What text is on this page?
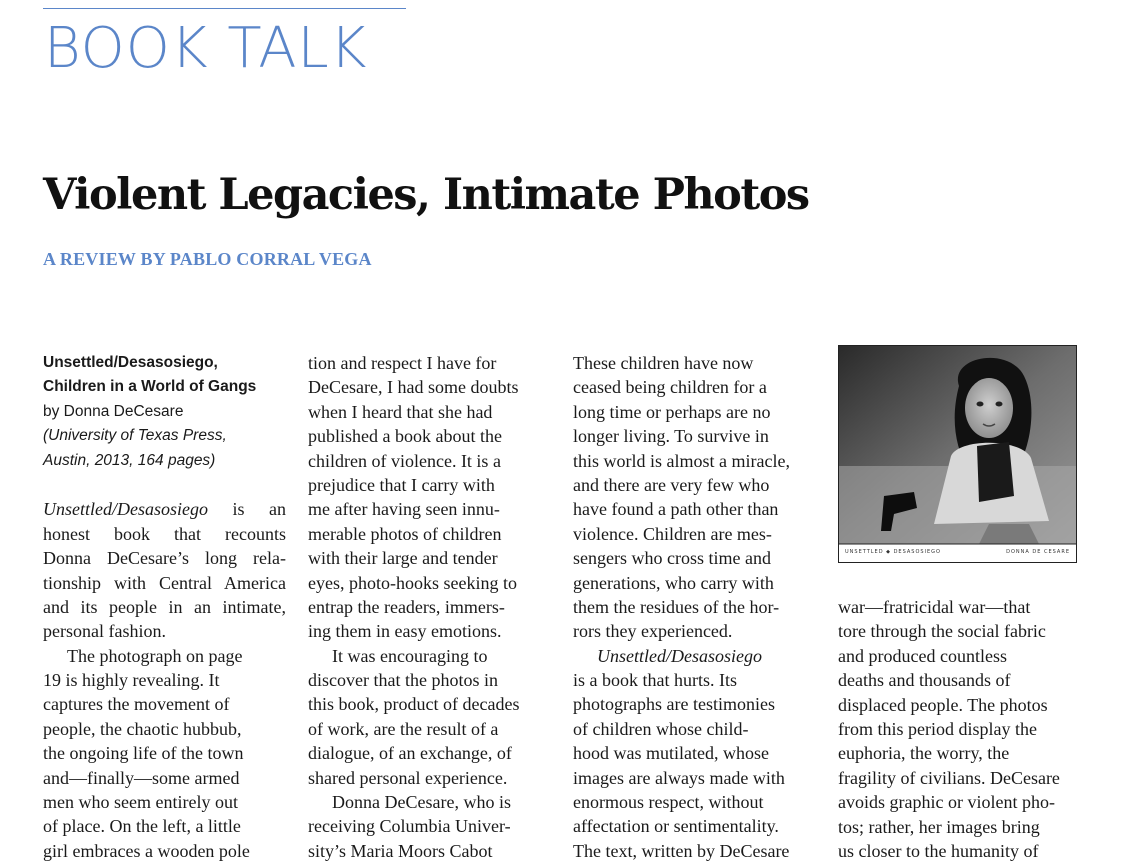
BOOK TALK
Violent Legacies, Intimate Photos
A REVIEW BY PABLO CORRAL VEGA
Unsettled/Desasosiego,
Children in a World of Gangs
by Donna DeCesare
(University of Texas Press,
Austin, 2013, 164 pages)
Unsettled/Desasosiego is an
honest book that recounts
Donna DeCesare’s long rela-
tionship with Central America
and its people in an intimate,
personal fashion.
The photograph on page
19 is highly revealing. It
captures the movement of
people, the chaotic hubbub,
the ongoing life of the town
and—finally—some armed
men who seem entirely out
of place. On the left, a little
girl embraces a wooden pole
tion and respect I have for
DeCesare, I had some doubts
when I heard that she had
published a book about the
children of violence. It is a
prejudice that I carry with
me after having seen innu-
merable photos of children
with their large and tender
eyes, photo-hooks seeking to
entrap the readers, immers-
ing them in easy emotions.
It was encouraging to
discover that the photos in
this book, product of decades
of work, are the result of a
dialogue, of an exchange, of
shared personal experience.
Donna DeCesare, who is
receiving Columbia Univer-
sity’s Maria Moors Cabot
These children have now
ceased being children for a
long time or perhaps are no
longer living. To survive in
this world is almost a miracle,
and there are very few who
have found a path other than
violence. Children are mes-
sengers who cross time and
generations, who carry with
them the residues of the hor-
rors they experienced.
Unsettled/Desasosiego
is a book that hurts. Its
photographs are testimonies
of children whose child-
hood was mutilated, whose
images are always made with
enormous respect, without
affectation or sentimentality.
The text, written by DeCesare
UNSETTLED ◆ DESASOSIEGO	DONNA DE CESARE
war—fratricidal war—that
tore through the social fabric
and produced countless
deaths and thousands of
displaced people. The photos
from this period display the
euphoria, the worry, the
fragility of civilians. DeCesare
avoids graphic or violent pho-
tos; rather, her images bring
us closer to the humanity of
